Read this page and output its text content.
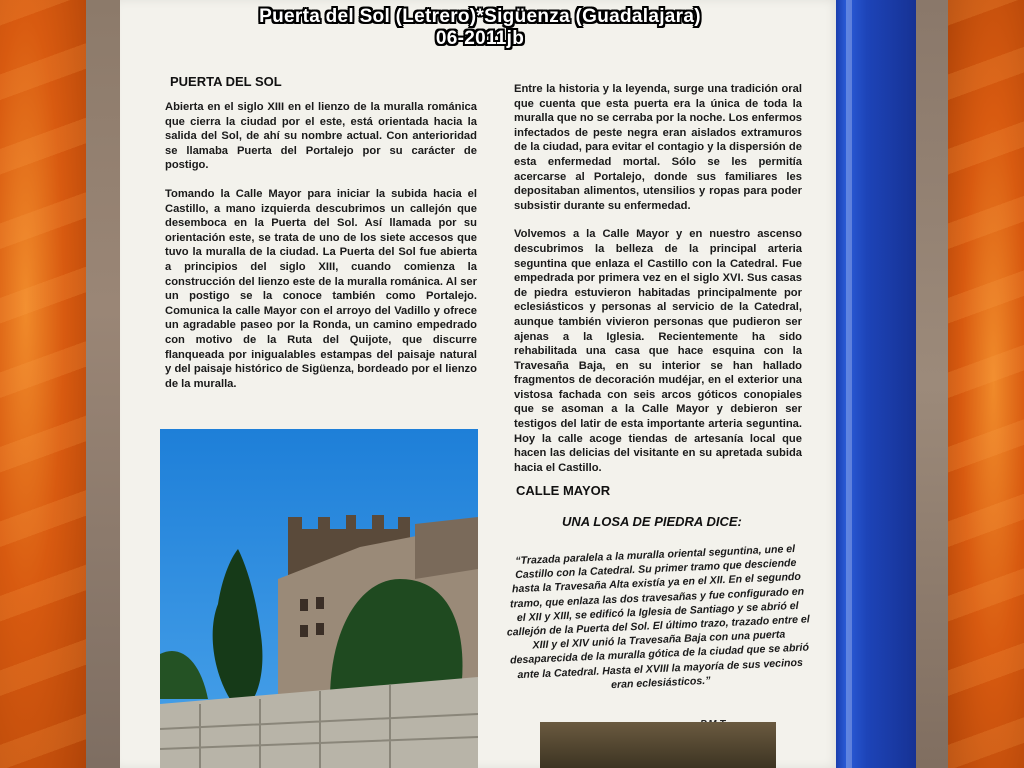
Puerta del Sol (Letrero)*Sigüenza (Guadalajara)
06-2011jb
PUERTA DEL SOL

Abierta en el siglo XIII en el lienzo de la muralla románica que cierra la ciudad por el este, está orientada hacia la salida del Sol, de ahí su nombre actual. Con anterioridad se llamaba Puerta del Portalejo por su carácter de postigo.

Tomando la Calle Mayor para iniciar la subida hacia el Castillo, a mano izquierda descubrimos un callejón que desemboca en la Puerta del Sol. Así llamada por su orientación este, se trata de uno de los siete accesos que tuvo la muralla de la ciudad. La Puerta del Sol fue abierta a principios del siglo XIII, cuando comienza la construcción del lienzo este de la muralla románica. Al ser un postigo se la conoce también como Portalejo. Comunica la calle Mayor con el arroyo del Vadillo y ofrece un agradable paseo por la Ronda, un camino empedrado con motivo de la Ruta del Quijote, que discurre flanqueada por inigualables estampas del paisaje natural y del paisaje histórico de Sigüenza, bordeado por el lienzo de la muralla.

Entre la historia y la leyenda, surge una tradición oral que cuenta que esta puerta era la única de toda la muralla que no se cerraba por la noche. Los enfermos infectados de peste negra eran aislados extramuros de la ciudad, para evitar el contagio y la dispersión de esta enfermedad mortal. Sólo se les permitía acercarse al Portalejo, donde sus familiares les depositaban alimentos, utensilios y ropas para poder subsistir durante su enfermedad.

Volvemos a la Calle Mayor y en nuestro ascenso descubrimos la belleza de la principal arteria seguntina que enlaza el Castillo con la Catedral. Fue empedrada por primera vez en el siglo XVI. Sus casas de piedra estuvieron habitadas principalmente por eclesiásticos y personas al servicio de la Catedral, aunque también vivieron personas que pudieron ser ajenas a la Iglesia. Recientemente ha sido rehabilitada una casa que hace esquina con la Travesaña Baja, en su interior se han hallado fragmentos de decoración mudéjar, en el exterior una vistosa fachada con seis arcos góticos conopiales que se asoman a la Calle Mayor y debieron ser testigos del latir de esta importante arteria seguntina. Hoy la calle acoge tiendas de artesanía local que hacen las delicias del visitante en su apretada subida hacia el Castillo.

CALLE MAYOR
UNA LOSA DE PIEDRA DICE:
“Trazada paralela a la muralla oriental seguntina, une el Castillo con la Catedral. Su primer tramo que desciende hasta la Travesaña Alta existía ya en el XII. En el segundo tramo, que enlaza las dos travesañas y fue configurado en el XII y XIII, se edificó la Iglesia de Santiago y se abrió el callejón de la Puerta del Sol. El último trazo, trazado entre el XIII y el XIV unió la Travesaña Baja con una puerta desaparecida de la muralla gótica de la ciudad que se abrió ante la Catedral. Hasta el XVIII la mayoría de sus vecinos eran eclesiásticos.”
